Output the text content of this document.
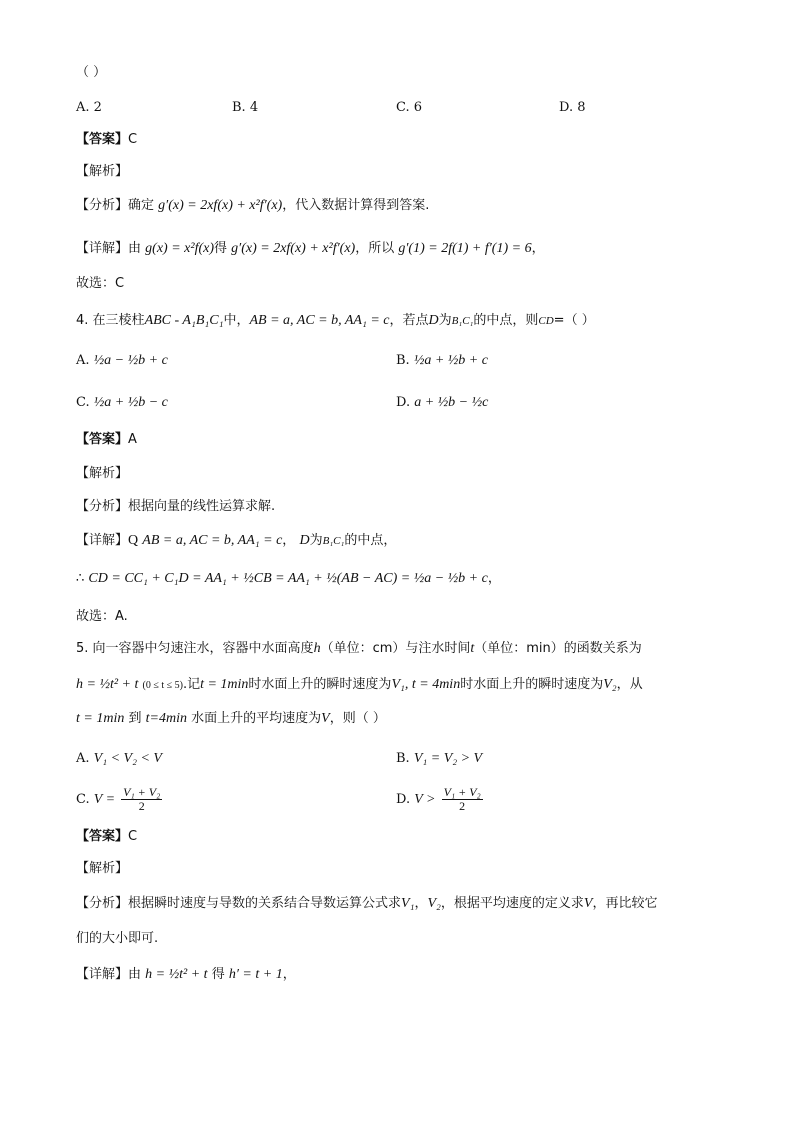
（ ）
A. 2	B. 4	C. 6	D. 8
【答案】C
【解析】
【分析】确定 g′(x) = 2xf(x) + x²f′(x)，代入数据计算得到答案.
【详解】由 g(x) = x²f(x)得 g′(x) = 2xf(x) + x²f′(x)，所以 g′(1) = 2f(1) + f′(1) = 6，
故选：C
4. 在三棱柱ABC - A₁B₁C₁中，AB = a, AC = b, AA₁ = c，若点D为B₁C₁的中点，则CD=（ ）
A. ½a − ½b + c	B. ½a + ½b + c
C. ½a + ½b − c	D. a + ½b − ½c
【答案】A
【解析】
【分析】根据向量的线性运算求解.
【详解】Q AB = a, AC = b, AA₁ = c， D为B₁C₁的中点，
∴ CD = CC₁ + C₁D = AA₁ + ½CB = AA₁ + ½(AB − AC) = ½a − ½b + c，
故选：A.
5. 向一容器中匀速注水，容器中水面高度h（单位：cm）与注水时间t（单位：min）的函数关系为
h = ½t² + t (0 ≤ t ≤ 5).记t = 1min时水面上升的瞬时速度为V₁, t = 4min时水面上升的瞬时速度为V₂，从
t = 1min 到 t=4min 水面上升的平均速度为V，则（ ）
A. V₁ < V₂ < V	B. V₁ = V₂ > V
C. $V = \frac{\text{V₁ + V₂}}{2}$	D. $V > \frac{\text{V₁ + V₂}}{2}$
【答案】C
【解析】
【分析】根据瞬时速度与导数的关系结合导数运算公式求V₁，V₂，根据平均速度的定义求V，再比较它
们的大小即可.
【详解】由 h = ½t² + t 得 h′ = t + 1，
